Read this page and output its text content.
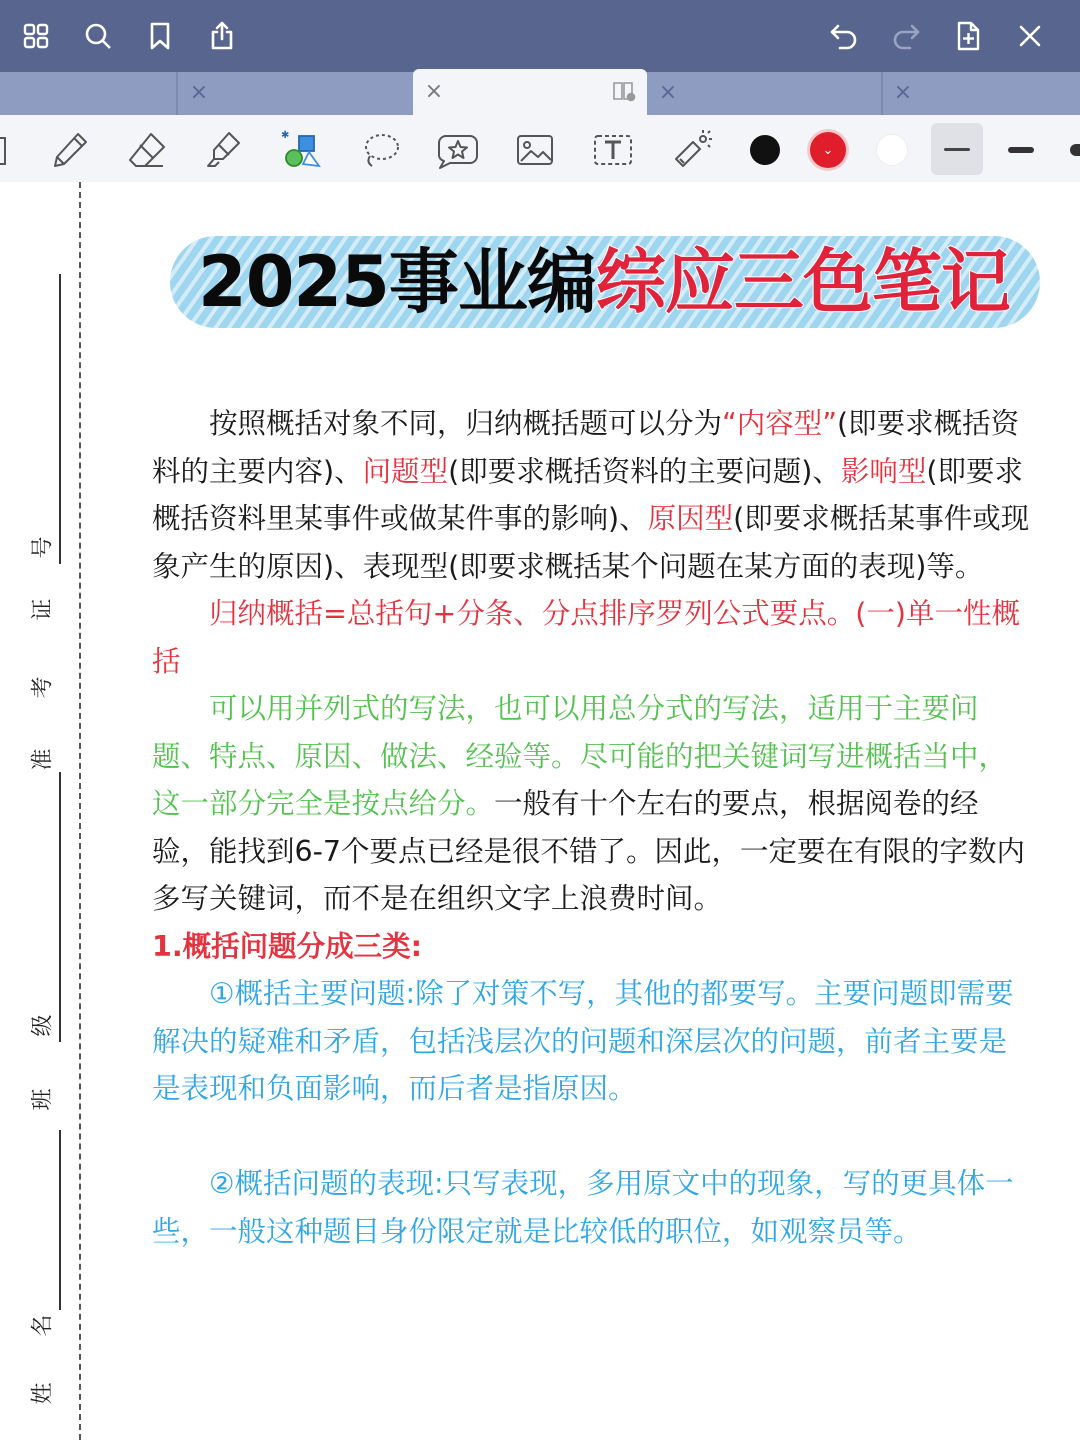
×	×	×	×
✱
⌄
号
证
考
准
级
班
名
姓
2025事业编综应三色笔记

按照概括对象不同，归纳概括题可以分为“内容型”(即要求概括资料的主要内容)、问题型(即要求概括资料的主要问题)、影响型(即要求概括资料里某事件或做某件事的影响)、原因型(即要求概括某事件或现象产生的原因)、表现型(即要求概括某个问题在某方面的表现)等。

归纳概括=总括句+分条、分点排序罗列公式要点。(一)单一性概括

可以用并列式的写法，也可以用总分式的写法，适用于主要问题、特点、原因、做法、经验等。尽可能的把关键词写进概括当中，这一部分完全是按点给分。一般有十个左右的要点，根据阅卷的经验，能找到6-7个要点已经是很不错了。因此，一定要在有限的字数内多写关键词，而不是在组织文字上浪费时间。

1.概括问题分成三类:

①概括主要问题:除了对策不写，其他的都要写。主要问题即需要解决的疑难和矛盾，包括浅层次的问题和深层次的问题，前者主要是是表现和负面影响，而后者是指原因。

②概括问题的表现:只写表现，多用原文中的现象，写的更具体一些，一般这种题目身份限定就是比较低的职位，如观察员等。
